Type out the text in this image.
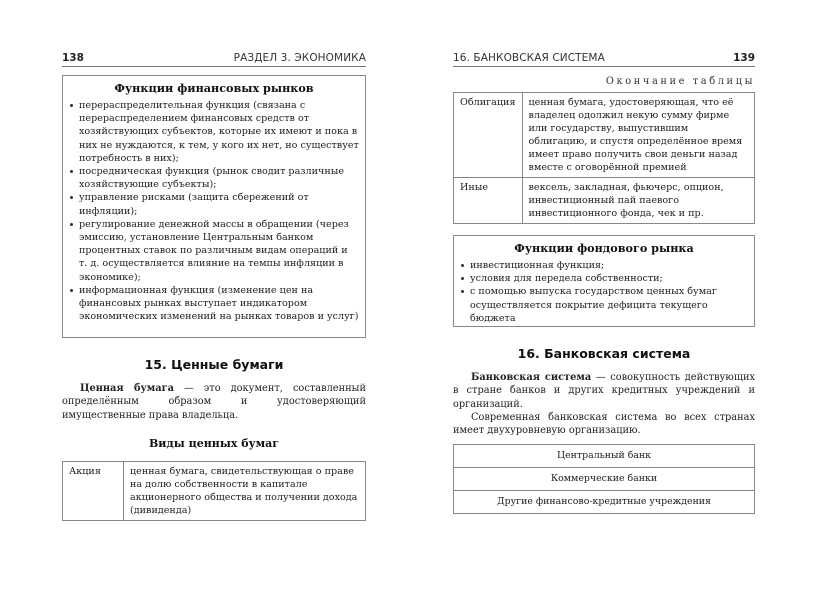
138	РАЗДЕЛ 3. ЭКОНОМИКА
Функции финансовых рынков
перераспределительная функция (связана с перераспределением финансовых средств от хозяйствующих субъектов, которые их имеют и пока в них не нуждаются, к тем, у кого их нет, но существует потребность в них);
посредническая функция (рынок сводит различные хозяйствующие субъекты);
управление рисками (защита сбережений от инфляции);
регулирование денежной массы в обращении (через эмиссию, установление Центральным банком процентных ставок по различным видам операций и т. д. осуществляется влияние на темпы инфляции в экономике);
информационная функция (изменение цен на финансовых рынках выступает индикатором экономических изменений на рынках товаров и услуг)
15. Ценные бумаги

Ценная бумага — это документ, составленный определённым образом и удостоверяющий имущественные права владельца.

Виды ценных бумаг
Акция	ценная бумага, свидетельствующая о праве на долю собственности в капитале акционерного общества и получении дохода (дивиденда)
16. БАНКОВСКАЯ СИСТЕМА	139
Окончание таблицы
Облигация	ценная бумага, удостоверяющая, что её владелец одолжил некую сумму фирме или государству, выпустившим облигацию, и спустя определённое время имеет право получить свои деньги назад вместе с оговорённой премией
Иные	вексель, закладная, фьючерс, опцион, инвестиционный пай паевого инвестиционного фонда, чек и пр.
Функции фондового рынка
инвестиционная функция;
условия для передела собственности;
с помощью выпуска государством ценных бумаг осуществляется покрытие дефицита текущего бюджета
16. Банковская система

Банковская система — совокупность действующих в стране банков и других кредитных учреждений и организаций.

Современная банковская система во всех странах имеет двухуровневую организацию.

Центральный банк
Коммерческие банки
Другие финансово-кредитные учреждения
